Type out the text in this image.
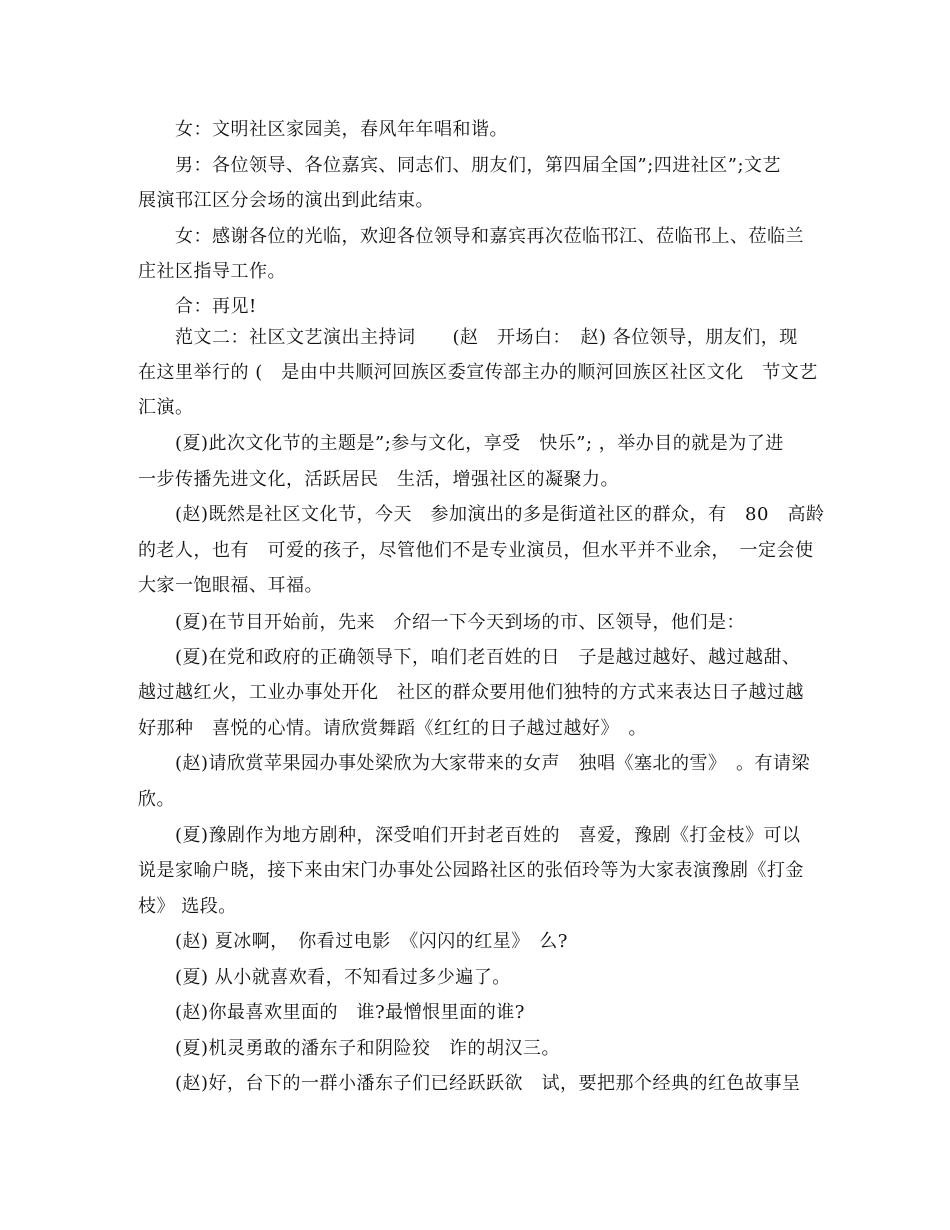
女：文明社区家园美，春风年年唱和谐。
男：各位领导、各位嘉宾、同志们、朋友们，第四届全国”;四进社区”;文艺
展演邗江区分会场的演出到此结束。
女：感谢各位的光临，欢迎各位领导和嘉宾再次莅临邗江、莅临邗上、莅临兰
庄社区指导工作。
合：再见!
范文二：社区文艺演出主持词　　(赵　开场白：　赵) 各位领导，朋友们，现
在这里举行的 (　是由中共顺河回族区委宣传部主办的顺河回族区社区文化　节文艺
汇演。
(夏)此次文化节的主题是”;参与文化，享受　快乐”; ，举办目的就是为了进
一步传播先进文化，活跃居民　生活，增强社区的凝聚力。
(赵)既然是社区文化节，今天　参加演出的多是街道社区的群众，有　80　高龄
的老人，也有　可爱的孩子，尽管他们不是专业演员，但水平并不业余，　一定会使
大家一饱眼福、耳福。
(夏)在节目开始前，先来　介绍一下今天到场的市、区领导，他们是：
(夏)在党和政府的正确领导下，咱们老百姓的日　子是越过越好、越过越甜、
越过越红火，工业办事处开化　社区的群众要用他们独特的方式来表达日子越过越
好那种　喜悦的心情。请欣赏舞蹈《红红的日子越过越好》　。
(赵)请欣赏苹果园办事处梁欣为大家带来的女声　独唱《塞北的雪》　。有请梁
欣。
(夏)豫剧作为地方剧种，深受咱们开封老百姓的　喜爱，豫剧《打金枝》可以
说是家喻户晓，接下来由宋门办事处公园路社区的张佰玲等为大家表演豫剧《打金
枝》 选段。
(赵) 夏冰啊，　你看过电影　《闪闪的红星》　么?
(夏) 从小就喜欢看，不知看过多少遍了。
(赵)你最喜欢里面的　谁?最憎恨里面的谁?
(夏)机灵勇敢的潘东子和阴险狡　诈的胡汉三。
(赵)好，台下的一群小潘东子们已经跃跃欲　试，要把那个经典的红色故事呈
